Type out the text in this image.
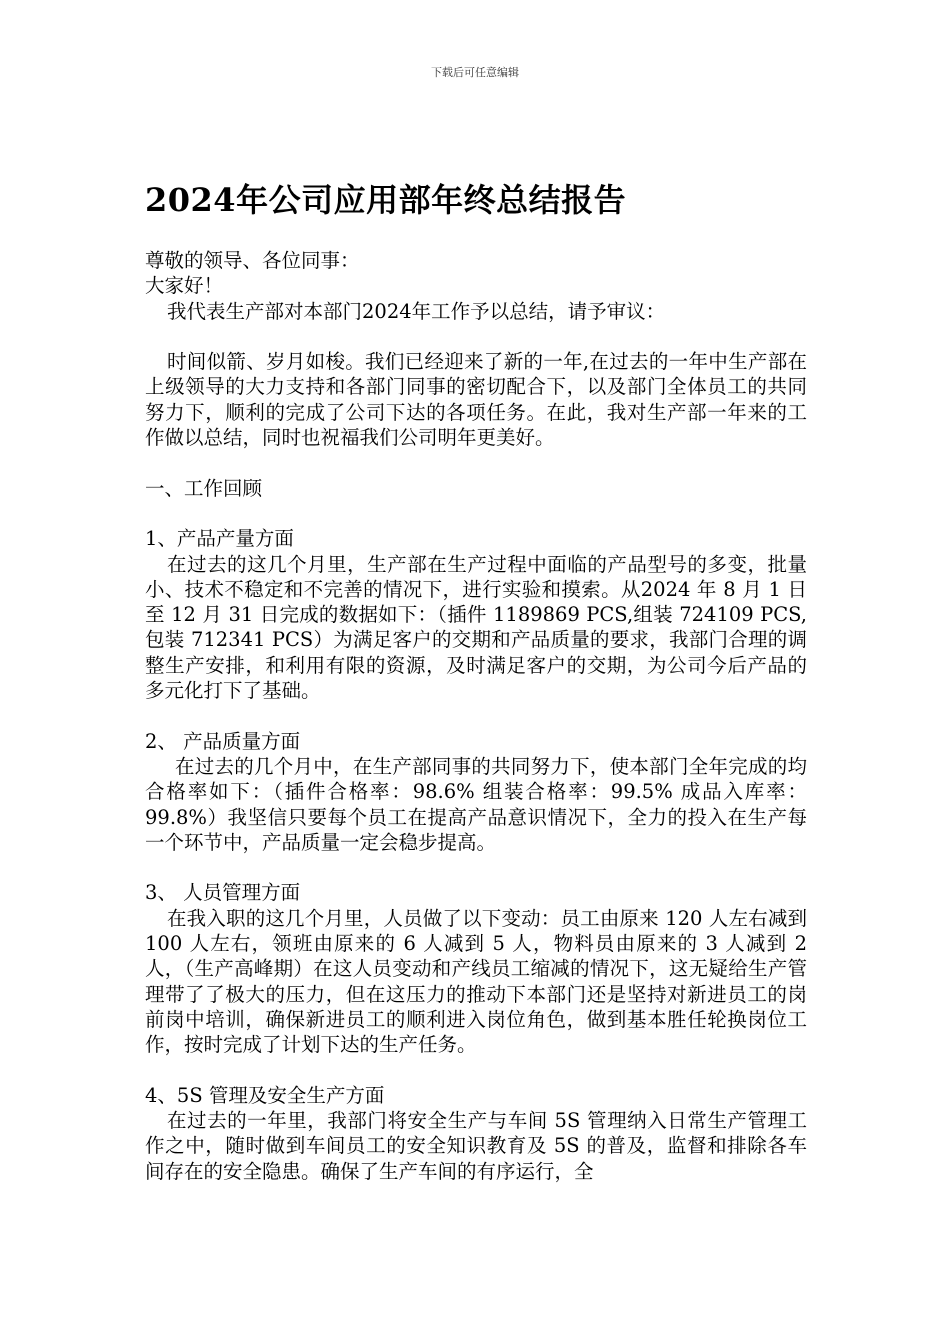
下载后可任意编辑
2024年公司应用部年终总结报告

尊敬的领导、各位同事：

大家好！

我代表生产部对本部门2024年工作予以总结，请予审议：

时间似箭、岁月如梭。我们已经迎来了新的一年,在过去的一年中生产部在上级领导的大力支持和各部门同事的密切配合下，以及部门全体员工的共同努力下，顺利的完成了公司下达的各项任务。在此，我对生产部一年来的工作做以总结，同时也祝福我们公司明年更美好。

一、工作回顾

1、产品产量方面

在过去的这几个月里，生产部在生产过程中面临的产品型号的多变，批量小、技术不稳定和不完善的情况下，进行实验和摸索。从2024 年 8 月 1 日至 12 月 31 日完成的数据如下：（插件 1189869 PCS,组装 724109 PCS,包装 712341 PCS）为满足客户的交期和产品质量的要求，我部门合理的调整生产安排，和利用有限的资源，及时满足客户的交期，为公司今后产品的多元化打下了基础。

2、 产品质量方面

在过去的几个月中，在生产部同事的共同努力下，使本部门全年完成的均合格率如下：（插件合格率：98.6% 组装合格率：99.5% 成品入库率：99.8%）我坚信只要每个员工在提高产品意识情况下，全力的投入在生产每一个环节中，产品质量一定会稳步提高。

3、 人员管理方面

在我入职的这几个月里，人员做了以下变动：员工由原来 120 人左右减到 100 人左右，领班由原来的 6 人减到 5 人，物料员由原来的 3 人减到 2 人，（生产高峰期）在这人员变动和产线员工缩减的情况下，这无疑给生产管理带了了极大的压力，但在这压力的推动下本部门还是坚持对新进员工的岗前岗中培训，确保新进员工的顺利进入岗位角色，做到基本胜任轮换岗位工作，按时完成了计划下达的生产任务。

4、5S 管理及安全生产方面

在过去的一年里，我部门将安全生产与车间 5S 管理纳入日常生产管理工作之中，随时做到车间员工的安全知识教育及 5S 的普及，监督和排除各车间存在的安全隐患。确保了生产车间的有序运行，全
